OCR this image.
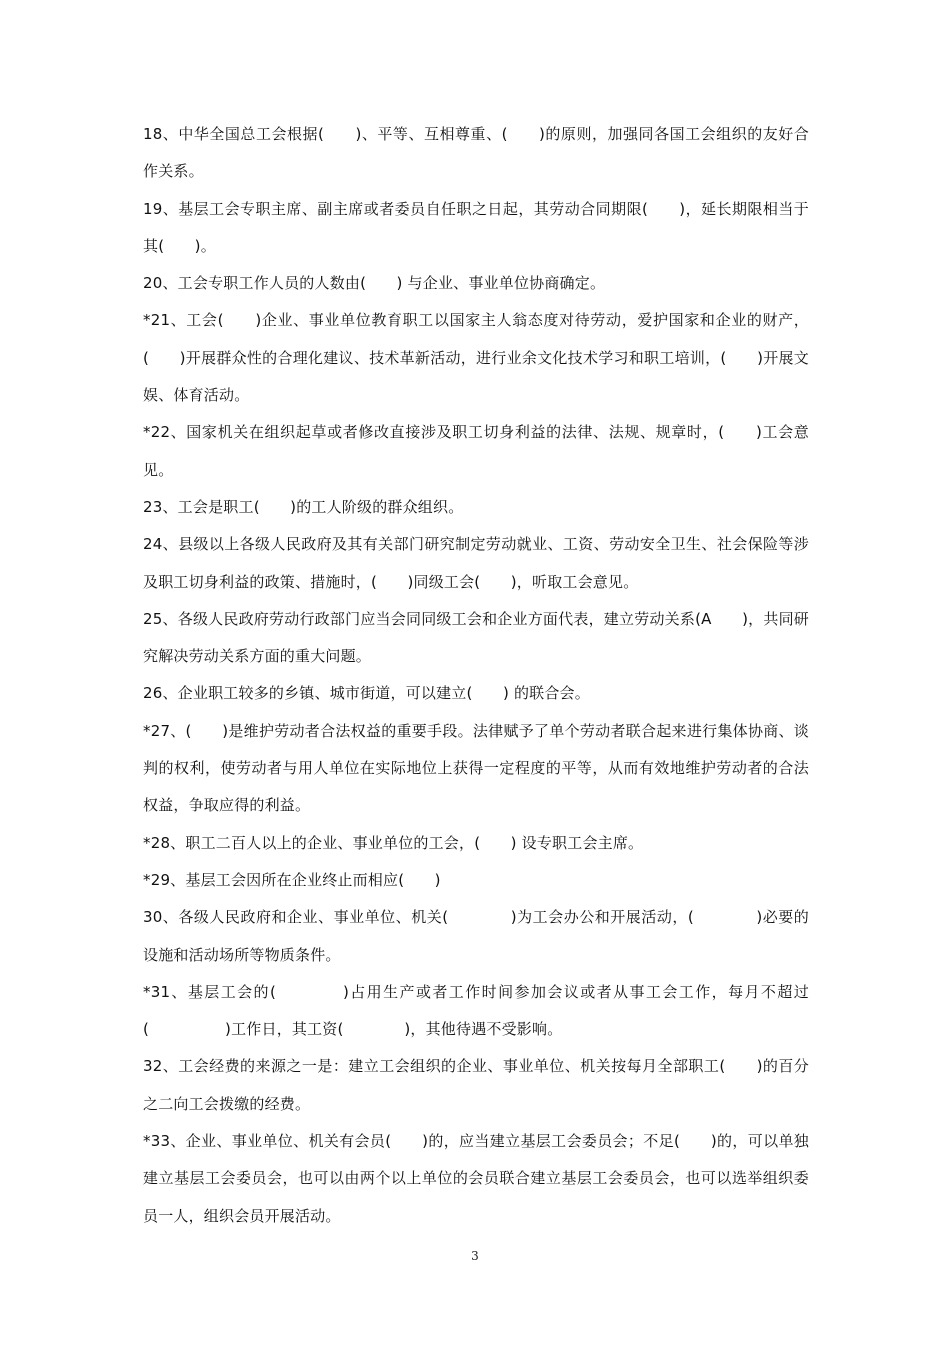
18、中华全国总工会根据(　　)、平等、互相尊重、(　　)的原则，加强同各国工会组织的友好合作关系。

19、基层工会专职主席、副主席或者委员自任职之日起，其劳动合同期限(　　)，延长期限相当于其(　　)。

20、工会专职工作人员的人数由(　　) 与企业、事业单位协商确定。

*21、工会(　　)企业、事业单位教育职工以国家主人翁态度对待劳动，爱护国家和企业的财产，(　　)开展群众性的合理化建议、技术革新活动，进行业余文化技术学习和职工培训，(　　)开展文娱、体育活动。

*22、国家机关在组织起草或者修改直接涉及职工切身利益的法律、法规、规章时，(　　)工会意见。

23、工会是职工(　　)的工人阶级的群众组织。

24、县级以上各级人民政府及其有关部门研究制定劳动就业、工资、劳动安全卫生、社会保险等涉及职工切身利益的政策、措施时，(　　)同级工会(　　)，听取工会意见。

25、各级人民政府劳动行政部门应当会同同级工会和企业方面代表，建立劳动关系(A　　)，共同研究解决劳动关系方面的重大问题。

26、企业职工较多的乡镇、城市街道，可以建立(　　) 的联合会。

*27、(　　)是维护劳动者合法权益的重要手段。法律赋予了单个劳动者联合起来进行集体协商、谈判的权利，使劳动者与用人单位在实际地位上获得一定程度的平等，从而有效地维护劳动者的合法权益，争取应得的利益。

*28、职工二百人以上的企业、事业单位的工会，(　　) 设专职工会主席。

*29、基层工会因所在企业终止而相应(　　)

30、各级人民政府和企业、事业单位、机关(　　　　)为工会办公和开展活动，(　　　　)必要的设施和活动场所等物质条件。

*31、基层工会的(　　　　)占用生产或者工作时间参加会议或者从事工会工作，每月不超过(　　　　　)工作日，其工资(　　　　)，其他待遇不受影响。

32、工会经费的来源之一是：建立工会组织的企业、事业单位、机关按每月全部职工(　　)的百分之二向工会拨缴的经费。

*33、企业、事业单位、机关有会员(　　)的，应当建立基层工会委员会；不足(　　)的，可以单独建立基层工会委员会，也可以由两个以上单位的会员联合建立基层工会委员会，也可以选举组织委员一人，组织会员开展活动。

3
